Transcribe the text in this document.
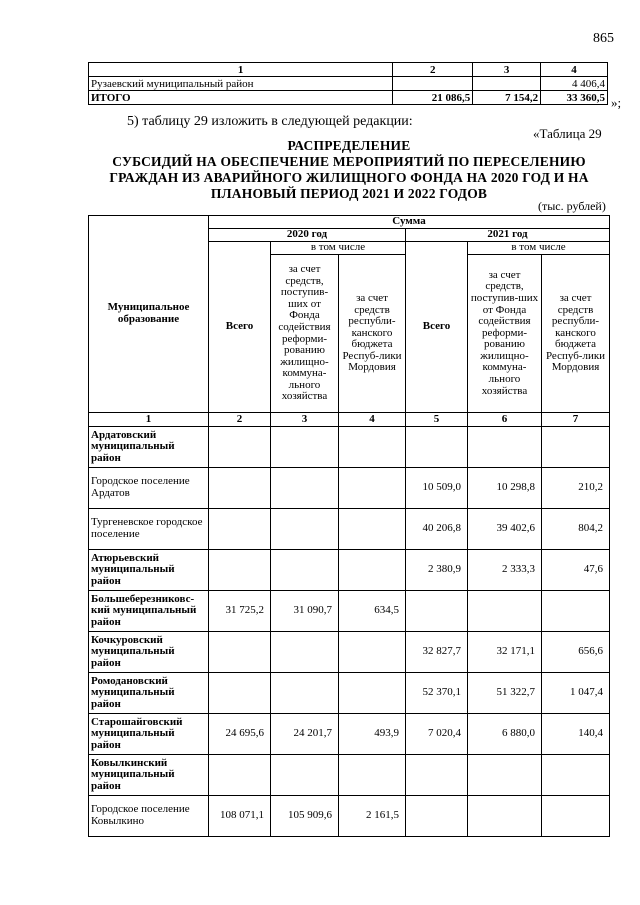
865
1	2	3	4
Рузаевский муниципальный район			4 406,4
ИТОГО	21 086,5	7 154,2	33 360,5 »;
5) таблицу 29 изложить в следующей редакции:
«Таблица 29
РАСПРЕДЕЛЕНИЕ
СУБСИДИЙ НА ОБЕСПЕЧЕНИЕ МЕРОПРИЯТИЙ ПО ПЕРЕСЕЛЕНИЮ
ГРАЖДАН ИЗ АВАРИЙНОГО ЖИЛИЩНОГО ФОНДА НА 2020 ГОД И НА
ПЛАНОВЫЙ ПЕРИОД 2021 И 2022 ГОДОВ
(тыс. рублей)
Муниципальное образование	Сумма					
	2020 год			2021 год		
	Всего	в том числе		Всего	в том числе	
		за счет средств, поступив-ших от Фонда содействия реформи-рованию жилищно-коммуна-льного хозяйства	за счет средств республи-канского бюджета Респуб-лики Мордовия		за счет средств, поступив-ших от Фонда содействия реформи-рованию жилищно-коммуна-льного хозяйства	за счет средств республи-канского бюджета Респуб-лики Мордовия
1	2	3	4	5	6	7
Ардатовский муниципальный район						
Городское поселение Ардатов				10 509,0	10 298,8	210,2
Тургеневское городское поселение				40 206,8	39 402,6	804,2
Атюрьевский муниципальный район				2 380,9	2 333,3	47,6
Большеберезниковс-кий муниципальный район	31 725,2	31 090,7	634,5			
Кочкуровский муниципальный район				32 827,7	32 171,1	656,6
Ромодановский муниципальный район				52 370,1	51 322,7	1 047,4
Старошайговский муниципальный район	24 695,6	24 201,7	493,9	7 020,4	6 880,0	140,4
Ковылкинский муниципальный район						
Городское поселение Ковылкино	108 071,1	105 909,6	2 161,5			
